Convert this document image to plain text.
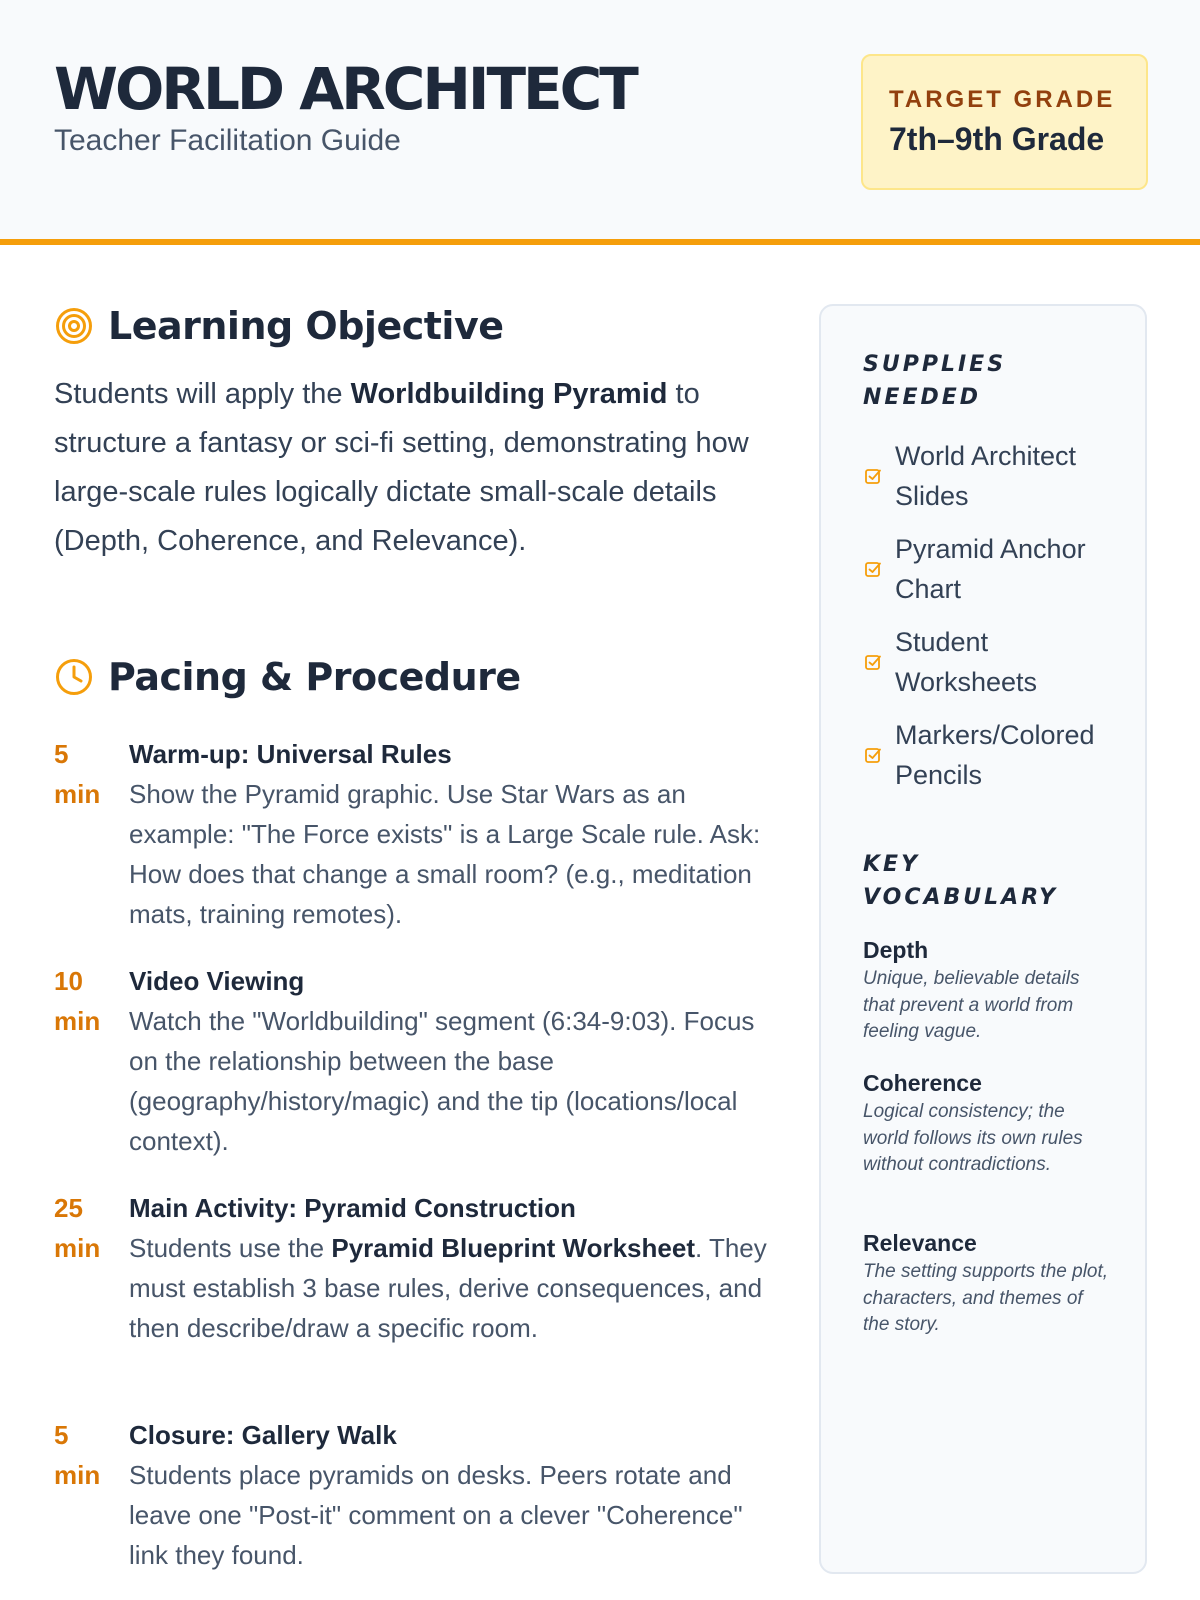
WORLD ARCHITECT
Teacher Facilitation Guide
TARGET GRADE
7th–9th Grade
Learning Objective
Students will apply the Worldbuilding Pyramid to structure a fantasy or sci-fi setting, demonstrating how large-scale rules logically dictate small-scale details (Depth, Coherence, and Relevance).
Pacing & Procedure
5
min
Warm-up: Universal Rules
Show the Pyramid graphic. Use Star Wars as an example: "The Force exists" is a Large Scale rule. Ask: How does that change a small room? (e.g., meditation mats, training remotes).
10
min
Video Viewing
Watch the "Worldbuilding" segment (6:34-9:03). Focus on the relationship between the base (geography/history/magic) and the tip (locations/local context).
25
min
Main Activity: Pyramid Construction
Students use the Pyramid Blueprint Worksheet. They must establish 3 base rules, derive consequences, and then describe/draw a specific room.
5
min
Closure: Gallery Walk
Students place pyramids on desks. Peers rotate and leave one "Post-it" comment on a clever "Coherence" link they found.
SUPPLIES NEEDED
World Architect Slides
Pyramid Anchor Chart
Student Worksheets
Markers/Colored Pencils
KEY VOCABULARY
Depth
Unique, believable details that prevent a world from feeling vague.
Coherence
Logical consistency; the world follows its own rules without contradictions.
Relevance
The setting supports the plot, characters, and themes of the story.
